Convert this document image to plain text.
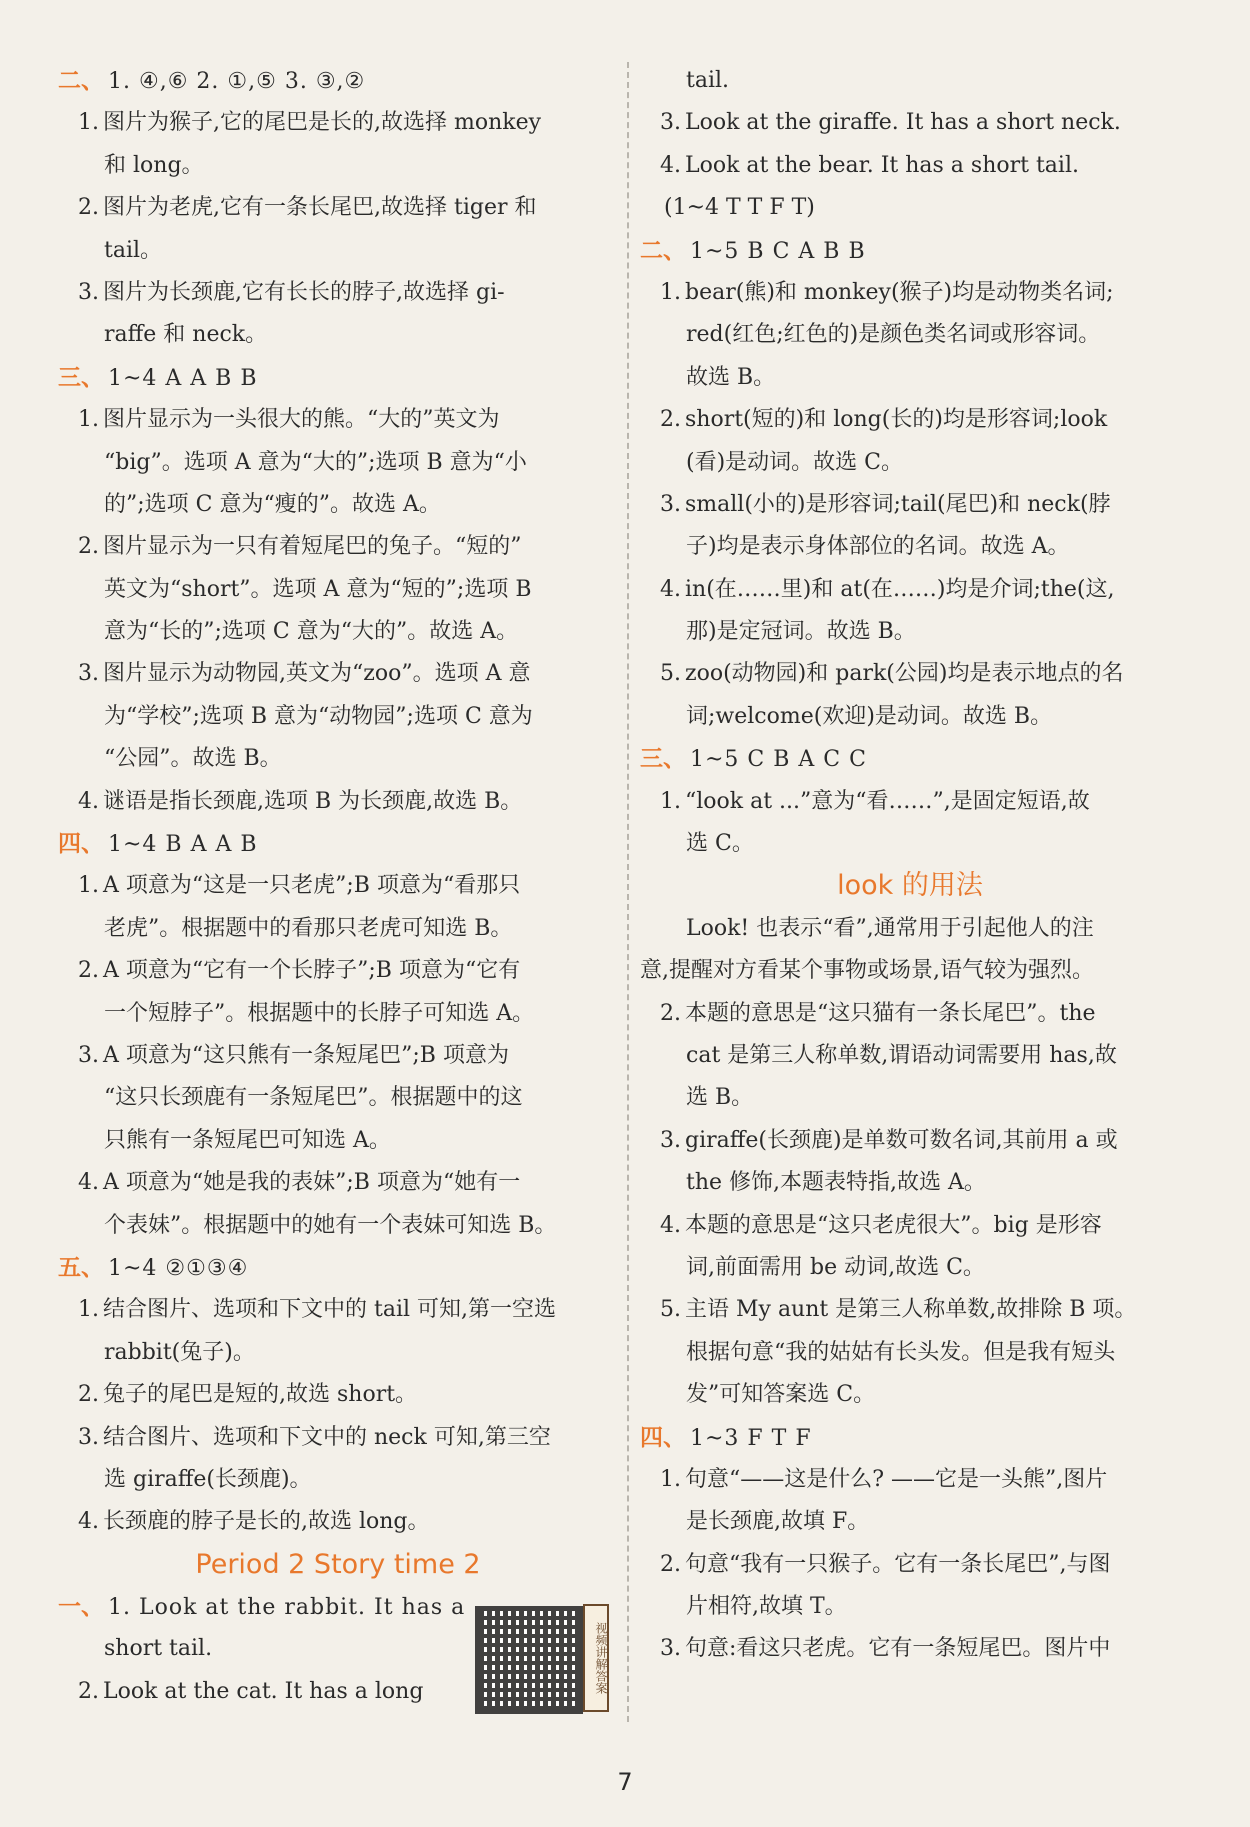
二、 1. ④,⑥ 2. ①,⑤ 3. ③,②
1. 图片为猴子,它的尾巴是长的,故选择 monkey
和 long。
2. 图片为老虎,它有一条长尾巴,故选择 tiger 和
tail。
3. 图片为长颈鹿,它有长长的脖子,故选择 gi-
raffe 和 neck。
三、 1~4 A A B B
1. 图片显示为一头很大的熊。“大的”英文为
“big”。选项 A 意为“大的”;选项 B 意为“小
的”;选项 C 意为“瘦的”。故选 A。
2. 图片显示为一只有着短尾巴的兔子。“短的”
英文为“short”。选项 A 意为“短的”;选项 B
意为“长的”;选项 C 意为“大的”。故选 A。
3. 图片显示为动物园,英文为“zoo”。选项 A 意
为“学校”;选项 B 意为“动物园”;选项 C 意为
“公园”。故选 B。
4. 谜语是指长颈鹿,选项 B 为长颈鹿,故选 B。
四、 1~4 B A A B
1. A 项意为“这是一只老虎”;B 项意为“看那只
老虎”。根据题中的看那只老虎可知选 B。
2. A 项意为“它有一个长脖子”;B 项意为“它有
一个短脖子”。根据题中的长脖子可知选 A。
3. A 项意为“这只熊有一条短尾巴”;B 项意为
“这只长颈鹿有一条短尾巴”。根据题中的这
只熊有一条短尾巴可知选 A。
4. A 项意为“她是我的表妹”;B 项意为“她有一
个表妹”。根据题中的她有一个表妹可知选 B。
五、 1~4 ②①③④
1. 结合图片、选项和下文中的 tail 可知,第一空选
rabbit(兔子)。
2. 兔子的尾巴是短的,故选 short。
3. 结合图片、选项和下文中的 neck 可知,第三空
选 giraffe(长颈鹿)。
4. 长颈鹿的脖子是长的,故选 long。
Period 2 Story time 2
一、 1. Look at the rabbit. It has a
short tail.
2. Look at the cat. It has a long
tail.
3. Look at the giraffe. It has a short neck.
4. Look at the bear. It has a short tail.
(1~4 T T F T)
二、 1~5 B C A B B
1. bear(熊)和 monkey(猴子)均是动物类名词;
red(红色;红色的)是颜色类名词或形容词。
故选 B。
2. short(短的)和 long(长的)均是形容词;look
(看)是动词。故选 C。
3. small(小的)是形容词;tail(尾巴)和 neck(脖
子)均是表示身体部位的名词。故选 A。
4. in(在……里)和 at(在……)均是介词;the(这,
那)是定冠词。故选 B。
5. zoo(动物园)和 park(公园)均是表示地点的名
词;welcome(欢迎)是动词。故选 B。
三、 1~5 C B A C C
1. “look at ...”意为“看……”,是固定短语,故
选 C。
look 的用法
Look! 也表示“看”,通常用于引起他人的注
意,提醒对方看某个事物或场景,语气较为强烈。
2. 本题的意思是“这只猫有一条长尾巴”。the
cat 是第三人称单数,谓语动词需要用 has,故
选 B。
3. giraffe(长颈鹿)是单数可数名词,其前用 a 或
the 修饰,本题表特指,故选 A。
4. 本题的意思是“这只老虎很大”。big 是形容
词,前面需用 be 动词,故选 C。
5. 主语 My aunt 是第三人称单数,故排除 B 项。
根据句意“我的姑姑有长头发。但是我有短头
发”可知答案选 C。
四、 1~3 F T F
1. 句意“——这是什么? ——它是一头熊”,图片
是长颈鹿,故填 F。
2. 句意“我有一只猴子。它有一条长尾巴”,与图
片相符,故填 T。
3. 句意:看这只老虎。它有一条短尾巴。图片中
视频讲解答案
7
